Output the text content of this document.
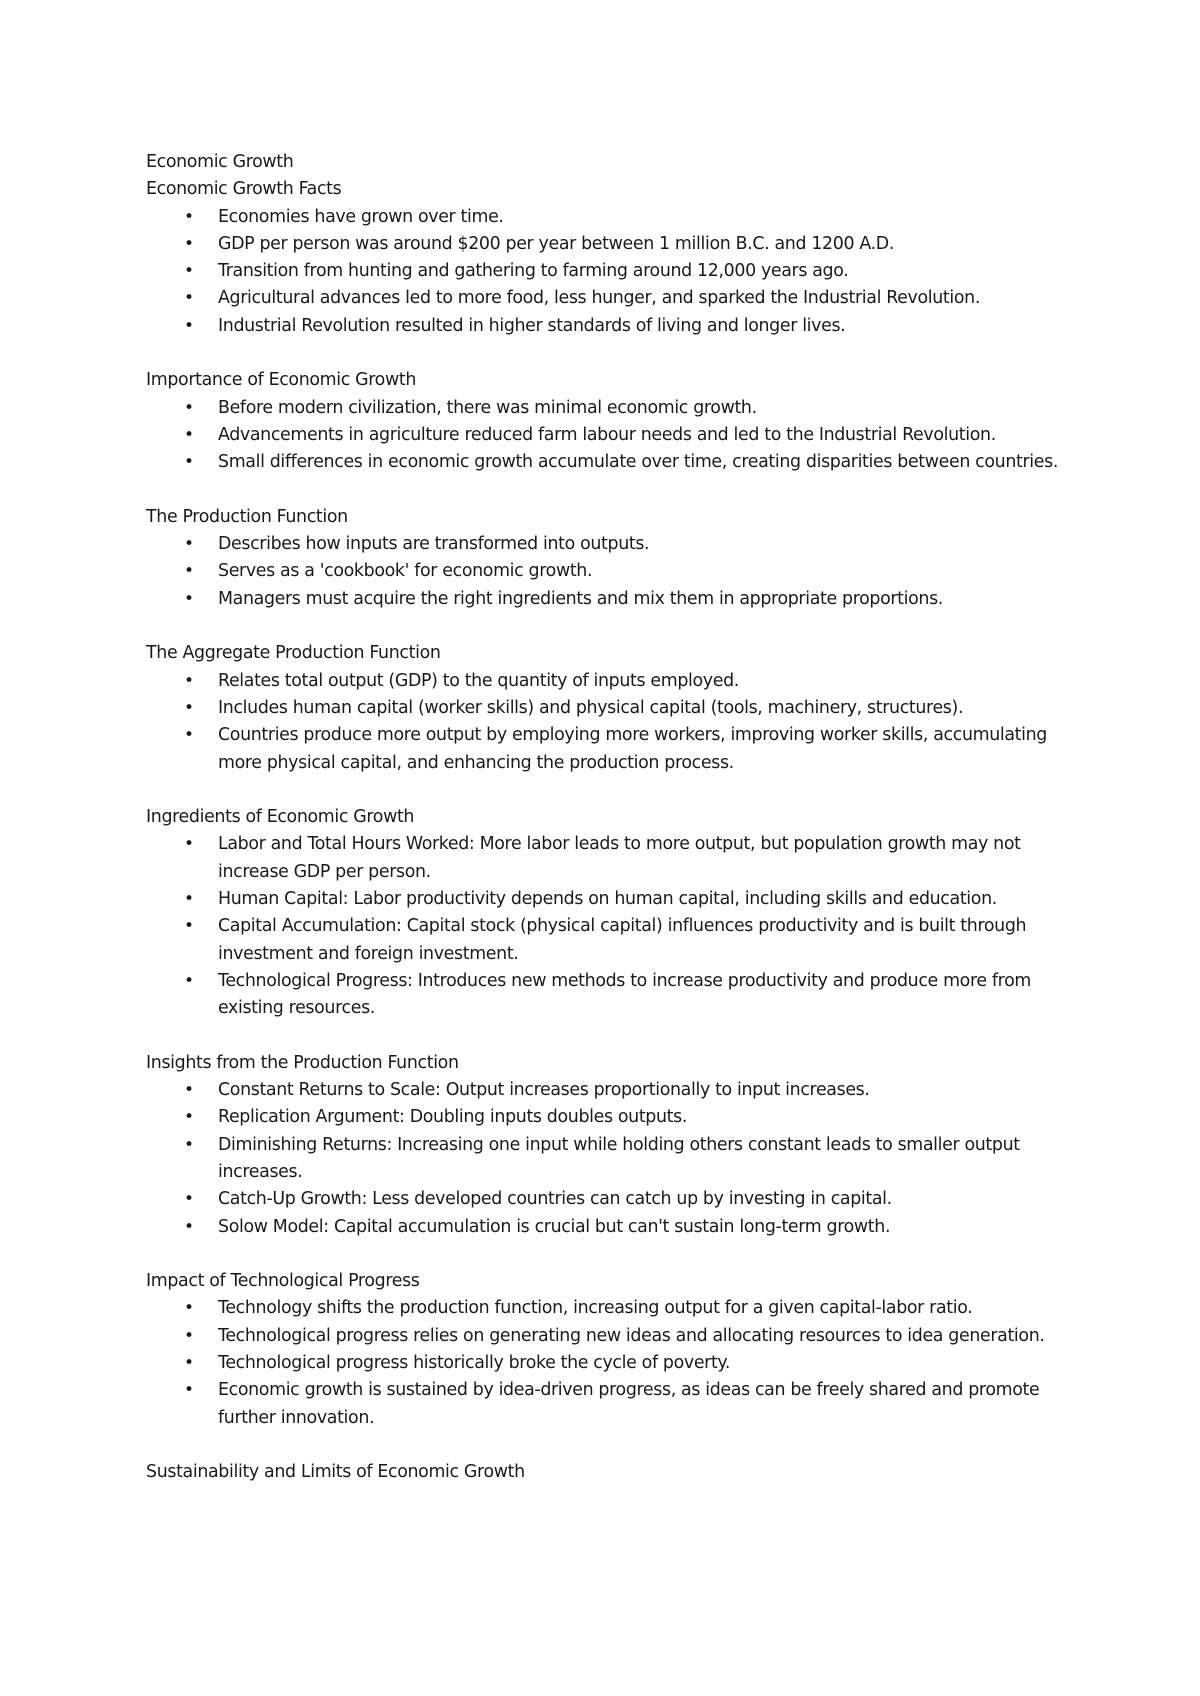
Economic Growth
Economic Growth Facts
• Economies have grown over time.
• GDP per person was around $200 per year between 1 million B.C. and 1200 A.D.
• Transition from hunting and gathering to farming around 12,000 years ago.
• Agricultural advances led to more food, less hunger, and sparked the Industrial Revolution.
• Industrial Revolution resulted in higher standards of living and longer lives.
Importance of Economic Growth
• Before modern civilization, there was minimal economic growth.
• Advancements in agriculture reduced farm labour needs and led to the Industrial Revolution.
• Small differences in economic growth accumulate over time, creating disparities between countries.
The Production Function
• Describes how inputs are transformed into outputs.
• Serves as a 'cookbook' for economic growth.
• Managers must acquire the right ingredients and mix them in appropriate proportions.
The Aggregate Production Function
• Relates total output (GDP) to the quantity of inputs employed.
• Includes human capital (worker skills) and physical capital (tools, machinery, structures).
• Countries produce more output by employing more workers, improving worker skills, accumulating more physical capital, and enhancing the production process.
Ingredients of Economic Growth
• Labor and Total Hours Worked: More labor leads to more output, but population growth may not increase GDP per person.
• Human Capital: Labor productivity depends on human capital, including skills and education.
• Capital Accumulation: Capital stock (physical capital) influences productivity and is built through investment and foreign investment.
• Technological Progress: Introduces new methods to increase productivity and produce more from existing resources.
Insights from the Production Function
• Constant Returns to Scale: Output increases proportionally to input increases.
• Replication Argument: Doubling inputs doubles outputs.
• Diminishing Returns: Increasing one input while holding others constant leads to smaller output increases.
• Catch-Up Growth: Less developed countries can catch up by investing in capital.
• Solow Model: Capital accumulation is crucial but can't sustain long-term growth.
Impact of Technological Progress
• Technology shifts the production function, increasing output for a given capital-labor ratio.
• Technological progress relies on generating new ideas and allocating resources to idea generation.
• Technological progress historically broke the cycle of poverty.
• Economic growth is sustained by idea-driven progress, as ideas can be freely shared and promote further innovation.
Sustainability and Limits of Economic Growth
